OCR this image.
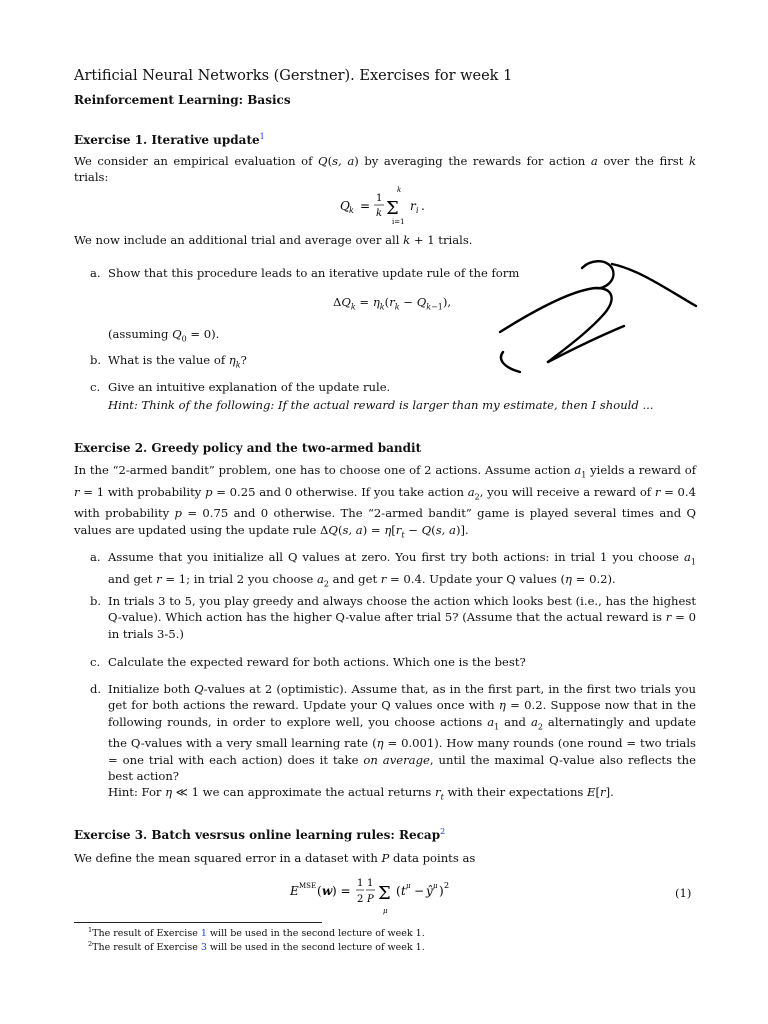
Artificial Neural Networks (Gerstner). Exercises for week 1
Reinforcement Learning: Basics
Exercise 1. Iterative update$^1$
We consider an empirical evaluation of Q(s, a) by averaging the rewards for action a over the first k trials:
Q k =
1
k Σ
k
i=1
r i .
We now include an additional trial and average over all k + 1 trials.
a. Show that this procedure leads to an iterative update rule of the form
$\Delta Q_k = \eta_k(r_k - Q_{k-1})$,
(assuming $Q_0 = 0$).
b. What is the value of $\eta_k$?
c. Give an intuitive explanation of the update rule.
Hint: Think of the following: If the actual reward is larger than my estimate, then I should ...
Exercise 2. Greedy policy and the two-armed bandit
In the “2-armed bandit” problem, one has to choose one of 2 actions. Assume action $a_1$ yields a reward of r = 1 with probability p = 0.25 and 0 otherwise. If you take action $a_2$, you will receive a reward of r = 0.4 with probability p = 0.75 and 0 otherwise. The “2-armed bandit” game is played several times and Q values are updated using the update rule ΔQ(s, $a) = \eta[r_t - Q(s$, a)].
a. Assume that you initialize all Q values at zero. You first try both actions: in trial 1 you choose $a_1$ and get r = 1; in trial 2 you choose $a_2$ and get r = 0.4. Update your Q values (η = 0.2).
b. In trials 3 to 5, you play greedy and always choose the action which looks best (i.e., has the highest Q-value). Which action has the higher Q-value after trial 5? (Assume that the actual reward is r = 0 in trials 3-5.)
c. Calculate the expected reward for both actions. Which one is the best?
d. Initialize both Q-values at 2 (optimistic). Assume that, as in the first part, in the first two trials you get for both actions the reward. Update your Q values once with η = 0.2. Suppose now that in the following rounds, in order to explore well, you choose actions $a_1$ and $a_2$ alternatingly and update the Q-values with a very small learning rate (η = 0.001). How many rounds (one round = two trials = one trial with each action) does it take on average, until the maximal Q-value also reflects the best action?
Hint: For η ≪ 1 we can approximate the actual returns $r_t$ with their expectations E[r].
Exercise 3. Batch vesrsus online learning rules: Recap$^2$
We define the mean squared error in a dataset with P data points as
E MSE ( w ) =
1
2
1
P Σ
μ
( t μ − ŷ μ ) 2
(1)
$^1$The result of Exercise 1 will be used in the second lecture of week 1.
$^2$The result of Exercise 3 will be used in the second lecture of week 1.
